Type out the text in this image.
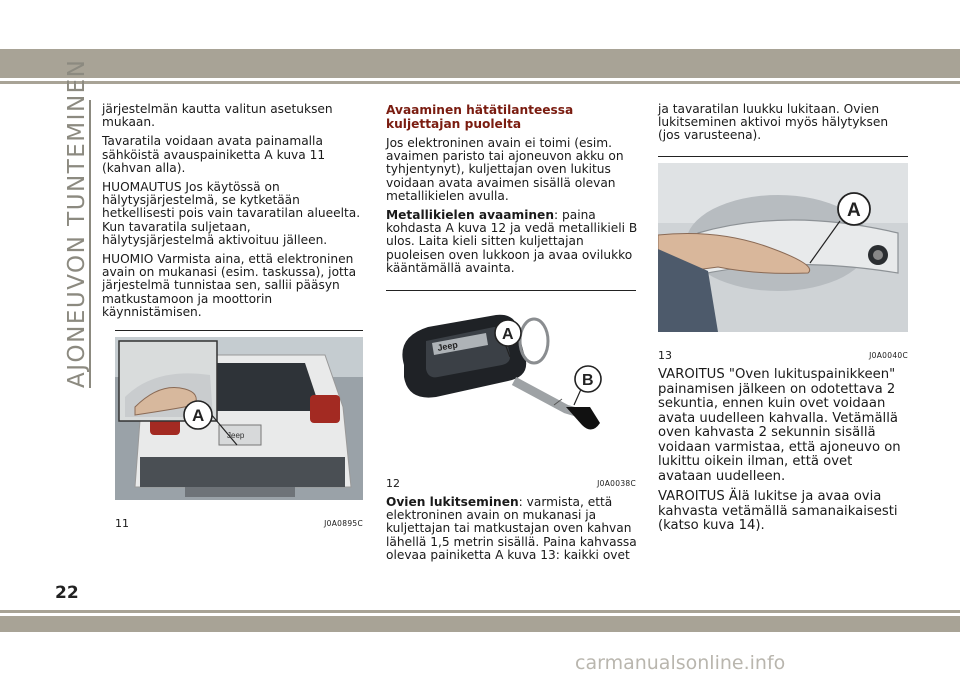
AJONEUVON TUNTEMINEN järjestelmän kautta valitun asetuksen mukaan.

Tavaratila voidaan avata painamalla sähköistä avauspainiketta A kuva 11 (kahvan alla).

HUOMAUTUS Jos käytössä on hälytysjärjestelmä, se kytketään hetkellisesti pois vain tavaratilan alueelta. Kun tavaratila suljetaan, hälytysjärjestelmä aktivoituu jälleen.

HUOMIO Varmista aina, että elektroninen avain on mukanasi (esim. taskussa), jotta järjestelmä tunnistaa sen, sallii pääsyn matkustamoon ja moottorin käynnistämisen.

Jeep
A
11	J0A0895C

Avaaminen hätätilanteessa kuljettajan puolelta

Jos elektroninen avain ei toimi (esim. avaimen paristo tai ajoneuvon akku on tyhjentynyt), kuljettajan oven lukitus voidaan avata avaimen sisällä olevan metallikielen avulla.

Metallikielen avaaminen: paina kohdasta A kuva 12 ja vedä metallikieli B ulos. Laita kieli sitten kuljettajan puoleisen oven lukkoon ja avaa ovilukko kääntämällä avainta.

Jeep
A
B
12	J0A0038C

Ovien lukitseminen: varmista, että elektroninen avain on mukanasi ja kuljettajan tai matkustajan oven kahvan lähellä 1,5 metrin sisällä. Paina kahvassa olevaa painiketta A kuva 13: kaikki ovet

ja tavaratilan luukku lukitaan. Ovien lukitseminen aktivoi myös hälytyksen (jos varusteena).

A
13	J0A0040C

VAROITUS "Oven lukituspainikkeen" painamisen jälkeen on odotettava 2 sekuntia, ennen kuin ovet voidaan avata uudelleen kahvalla. Vetämällä oven kahvasta 2 sekunnin sisällä voidaan varmistaa, että ajoneuvo on lukittu oikein ilman, että ovet avataan uudelleen.

VAROITUS Älä lukitse ja avaa ovia kahvasta vetämällä samanaikaisesti (katso kuva 14).

22
carmanualsonline.info
